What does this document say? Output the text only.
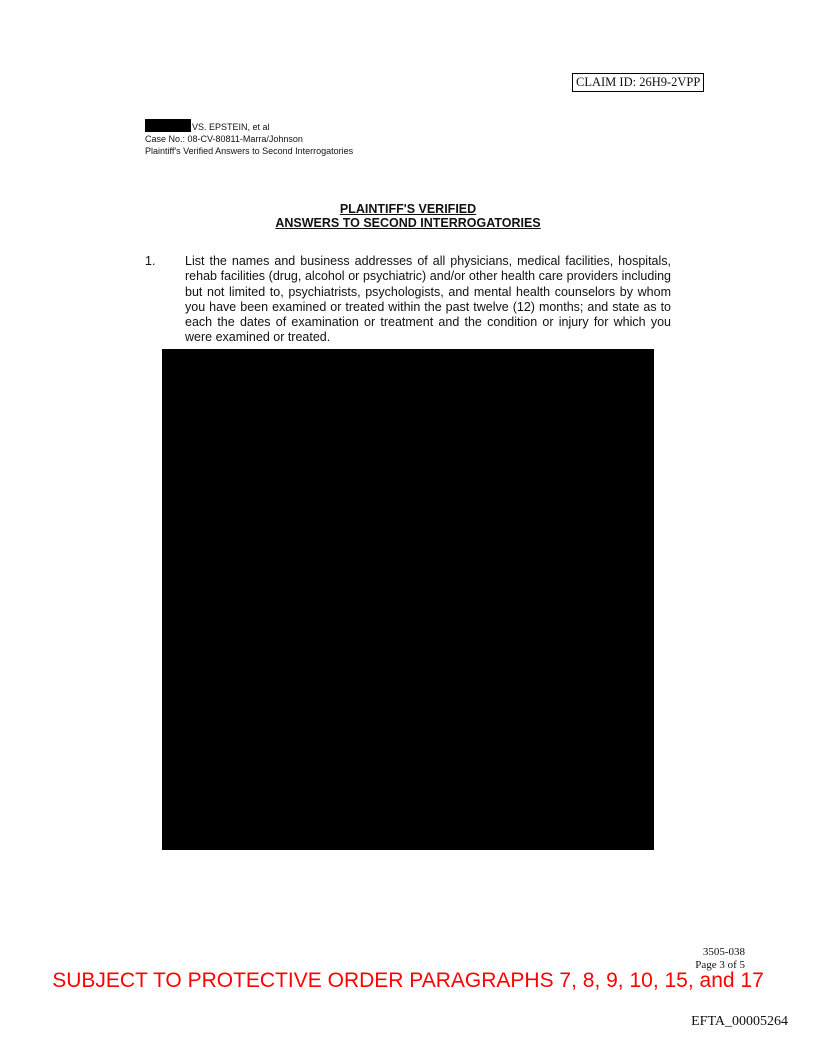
CLAIM ID: 26H9-2VPP
VS. EPSTEIN, et al
Case No.: 08-CV-80811-Marra/Johnson
Plaintiff's Verified Answers to Second Interrogatories
PLAINTIFF'S VERIFIED
ANSWERS TO SECOND INTERROGATORIES
1. List the names and business addresses of all physicians, medical facilities, hospitals, rehab facilities (drug, alcohol or psychiatric) and/or other health care providers including but not limited to, psychiatrists, psychologists, and mental health counselors by whom you have been examined or treated within the past twelve (12) months; and state as to each the dates of examination or treatment and the condition or injury for which you were examined or treated.
3505-038
Page 3 of 5
SUBJECT TO PROTECTIVE ORDER PARAGRAPHS 7, 8, 9, 10, 15, and 17
EFTA_00005264
